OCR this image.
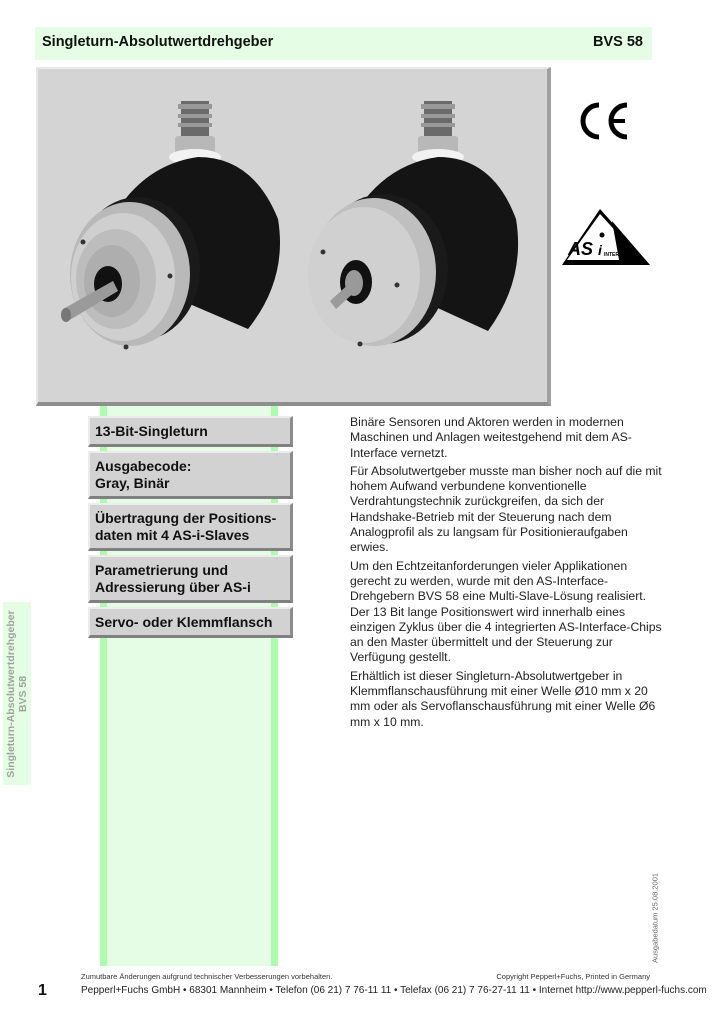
Singleturn-Absolutwertdrehgeber	BVS 58
AS i INTERFACE
13-Bit-Singleturn
Ausgabecode:
Gray, Binär
Übertragung der Positions-
daten mit 4 AS-i-Slaves
Parametrierung und
Adressierung über AS-i
Servo- oder Klemmflansch

Binäre Sensoren und Aktoren werden in modernen Maschinen und Anlagen weitestgehend mit dem AS-Interface vernetzt.

Für Absolutwertgeber musste man bisher noch auf die mit hohem Aufwand verbundene konventionelle Verdrahtungstechnik zurückgreifen, da sich der Handshake-Betrieb mit der Steuerung nach dem Analogprofil als zu langsam für Positionieraufgaben erwies.

Um den Echtzeitanforderungen vieler Applikationen gerecht zu werden, wurde mit den AS-Interface-Drehgebern BVS 58 eine Multi-Slave-Lösung realisiert. Der 13 Bit lange Positionswert wird innerhalb eines einzigen Zyklus über die 4 integrierten AS-Interface-Chips an den Master übermittelt und der Steuerung zur Verfügung gestellt.

Erhältlich ist dieser Singleturn-Absolutwertgeber in Klemmflanschausführung mit einer Welle Ø10 mm x 20 mm oder als Servoflanschausführung mit einer Welle Ø6 mm x 10 mm.

Singleturn-Absolutwertdrehgeber BVS 58
Ausgabedatum 25.08.2001
1
Zumutbare Änderungen aufgrund technischer Verbesserungen vorbehalten.	Copyright Pepperl+Fuchs, Printed in Germany
Pepperl+Fuchs GmbH • 68301 Mannheim • Telefon (06 21) 7 76-11 11 • Telefax (06 21) 7 76-27-11 11 • Internet http://www.pepperl-fuchs.com
